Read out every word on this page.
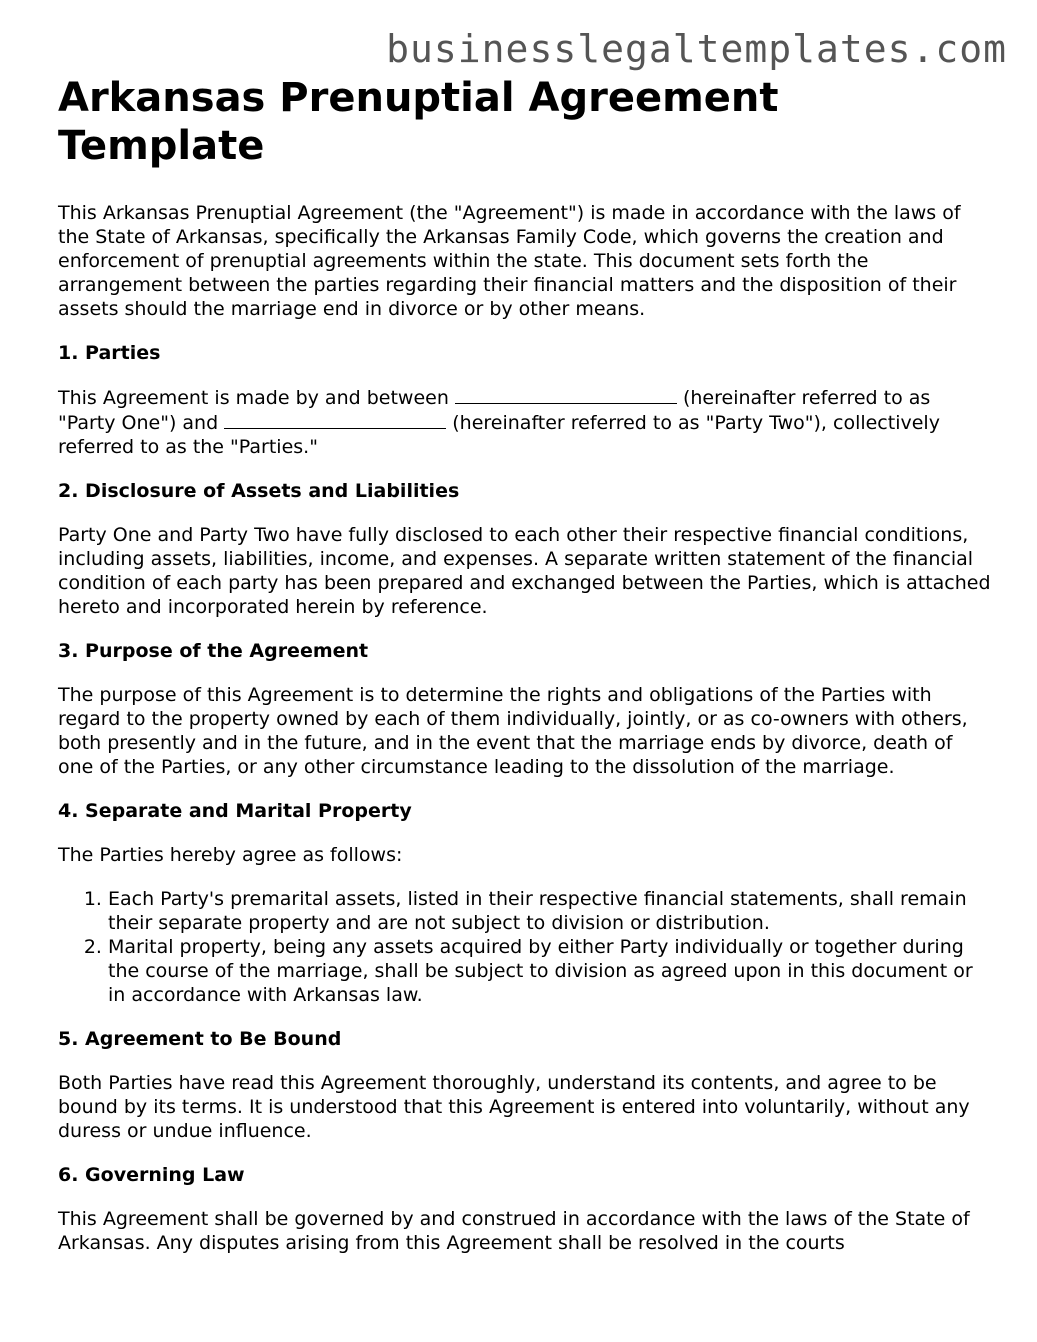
businesslegaltemplates.com
Arkansas Prenuptial Agreement Template

This Arkansas Prenuptial Agreement (the "Agreement") is made in accordance with the laws of the State of Arkansas, specifically the Arkansas Family Code, which governs the creation and enforcement of prenuptial agreements within the state. This document sets forth the arrangement between the parties regarding their financial matters and the disposition of their assets should the marriage end in divorce or by other means.

1. Parties

This Agreement is made by and between	(hereinafter referred to as "Party One") and	(hereinafter referred to as "Party Two"), collectively referred to as the "Parties."

2. Disclosure of Assets and Liabilities

Party One and Party Two have fully disclosed to each other their respective financial conditions, including assets, liabilities, income, and expenses. A separate written statement of the financial condition of each party has been prepared and exchanged between the Parties, which is attached hereto and incorporated herein by reference.

3. Purpose of the Agreement

The purpose of this Agreement is to determine the rights and obligations of the Parties with regard to the property owned by each of them individually, jointly, or as co-owners with others, both presently and in the future, and in the event that the marriage ends by divorce, death of one of the Parties, or any other circumstance leading to the dissolution of the marriage.

4. Separate and Marital Property

The Parties hereby agree as follows:

1. Each Party's premarital assets, listed in their respective financial statements, shall remain their separate property and are not subject to division or distribution.
2. Marital property, being any assets acquired by either Party individually or together during the course of the marriage, shall be subject to division as agreed upon in this document or in accordance with Arkansas law.
5. Agreement to Be Bound

Both Parties have read this Agreement thoroughly, understand its contents, and agree to be bound by its terms. It is understood that this Agreement is entered into voluntarily, without any duress or undue influence.

6. Governing Law

This Agreement shall be governed by and construed in accordance with the laws of the State of Arkansas. Any disputes arising from this Agreement shall be resolved in the courts
